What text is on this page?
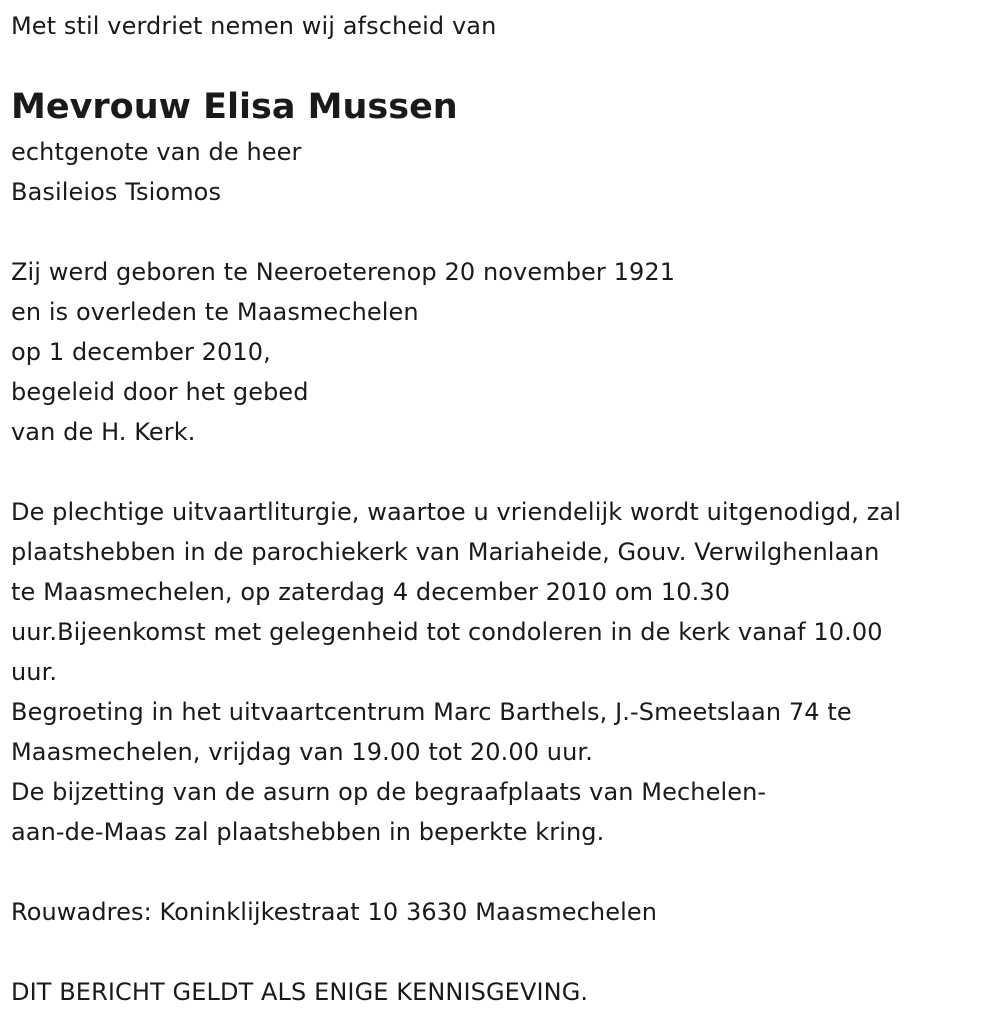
Met stil verdriet nemen wij afscheid van
Mevrouw Elisa Mussen
echtgenote van de heer
Basileios Tsiomos
Zij werd geboren te Neeroeterenop 20 november 1921
en is overleden te Maasmechelen
op 1 december 2010,
begeleid door het gebed
van de H. Kerk.
De plechtige uitvaartliturgie, waartoe u vriendelijk wordt uitgenodigd, zal
plaatshebben in de parochiekerk van Mariaheide, Gouv. Verwilghenlaan
te Maasmechelen, op zaterdag 4 december 2010 om 10.30
uur.Bijeenkomst met gelegenheid tot condoleren in de kerk vanaf 10.00
uur.
Begroeting in het uitvaartcentrum Marc Barthels, J.-Smeetslaan 74 te
Maasmechelen, vrijdag van 19.00 tot 20.00 uur.
De bijzetting van de asurn op de begraafplaats van Mechelen-
aan-de-Maas zal plaatshebben in beperkte kring.
Rouwadres: Koninklijkestraat 10 3630 Maasmechelen
DIT BERICHT GELDT ALS ENIGE KENNISGEVING.
